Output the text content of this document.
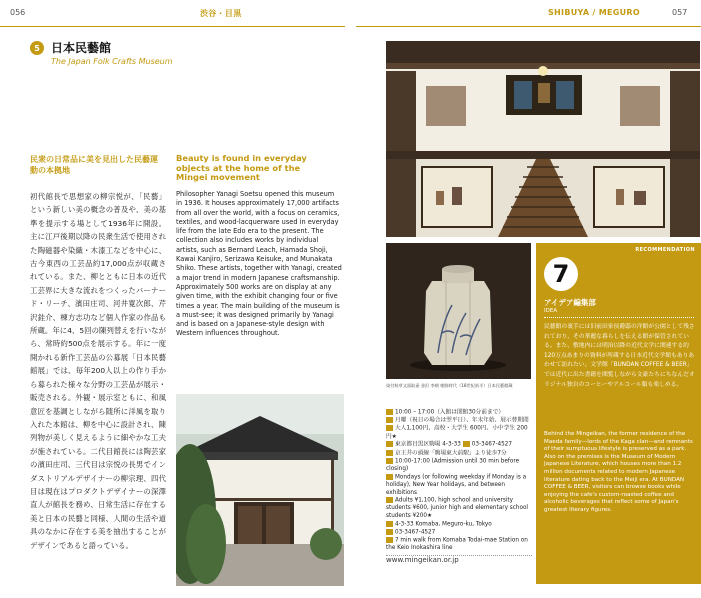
056	渋谷・目黒	SHIBUYA / MEGURO	057
5 日本民藝館
The Japan Folk Crafts Museum
民衆の日常品に美を見出した民藝運動の本拠地
初代館長で思想家の柳宗悦が、「民藝」という新しい美の概念の普及や、美の基準を提示する場として1936年に開設。主に江戸後期以降の民衆生活で使用された陶磁器や染織・木漆工などを中心に、古今東西の工芸品約17,000点が収蔵されている。また、柳とともに日本の近代工芸界に大きな流れをつくったバーナード・リーチ、濱田庄司、河井寛次郎、芹沢銈介、棟方志功など個人作家の作品も所蔵。年に4、5回の陳列替えを行いながら、常時約500点を展示する。年に一度開かれる新作工芸品の公募展「日本民藝館展」では、毎年200人以上の作り手から募られた様々な分野の工芸品が展示・販売される。外観・展示室ともに、和風意匠を基調としながら随所に洋風を取り入れた本館は、柳を中心に設計され、陳列物が美しく見えるように細やかな工夫が施されている。二代目館長には陶芸家の濱田庄司、三代目は宗悦の長男でインダストリアルデザイナーの柳宗理、四代目は現在はプロダクトデザイナーの深澤直人が館長を務め、日常生活に存在する美と日本の民藝と同様、人間の生活や道具のなかに存在する美を抽出することがデザインであると語っている。
Beauty is found in everyday objects at the home of the Mingei movement
Philosopher Yanagi Soetsu opened this museum in 1936. It houses approximately 17,000 artifacts from all over the world, with a focus on ceramics, textiles, and wood-lacquerware used in everyday life from the late Edo era to the present. The collection also includes works by individual artists, such as Bernard Leach, Hamada Shoji, Kawai Kanjiro, Serizawa Keisuke, and Munakata Shiko. These artists, together with Yanagi, created a major trend in modern Japanese craftsmanship. Approximately 500 works are on display at any given time, with the exhibit changing four or five times a year. The main building of the museum is a must-see; it was designed primarily by Yanagi and is based on a Japanese-style design with Western influences throughout.
染付秋草文面取壺 金沢 李朝 朝鮮時代（18世紀前半）日本民藝館蔵
10:00 – 17:00（入館は閉館30分前まで）
月曜（祝日の場合は翌平日）、年末年始、展示替期間
大人1,100円、高校・大学生 600円、小中学生 200円★
東京都目黒区駒場 4-3-33 03-3467-4527
京王井の頭線「駒場東大前駅」より徒歩7分
10:00-17:00 (Admission until 30 min before closing)
Mondays (or following weekday if Monday is a holiday), New Year holidays, and between exhibitions
Adults ¥1,100, high school and university students ¥600, junior high and elementary school students ¥200★
4-3-33 Komaba, Meguro-ku, Tokyo
03-3467-4527
7 min walk from Komaba Todai-mae Station on the Keio Inokashira line
www.mingeikan.or.jp
RECOMMENDATION
7
アイデア編集部
IDEA
民藝館の裏手には旧前田家侯爵邸の洋館が公園として残されており、その華麗な暮らしを伝える館が保管されている。また、敷地内には明治以降の近代文学に関連する約120万点あまりの資料が所蔵する日本近代文学館もありあわせて訪れたい。文学館「BUNDAN COFFEE & BEER」では近代に出た書籍を閲覧しながら文豪たちにちなんだオリジナル独自のコーヒーやアルコール類も楽しめる。
Behind the Mingeikan, the former residence of the Maeda family—lords of the Kaga clan—and remnants of their sumptuous lifestyle is preserved as a park. Also on the premises is the Museum of Modern Japanese Literature, which houses more than 1.2 million documents related to modern Japanese literature dating back to the Meiji era. At BUNDAN COFFEE & BEER, visitors can browse books while enjoying the cafe's custom-roasted coffee and alcoholic beverages that reflect some of Japan's greatest literary figures.
